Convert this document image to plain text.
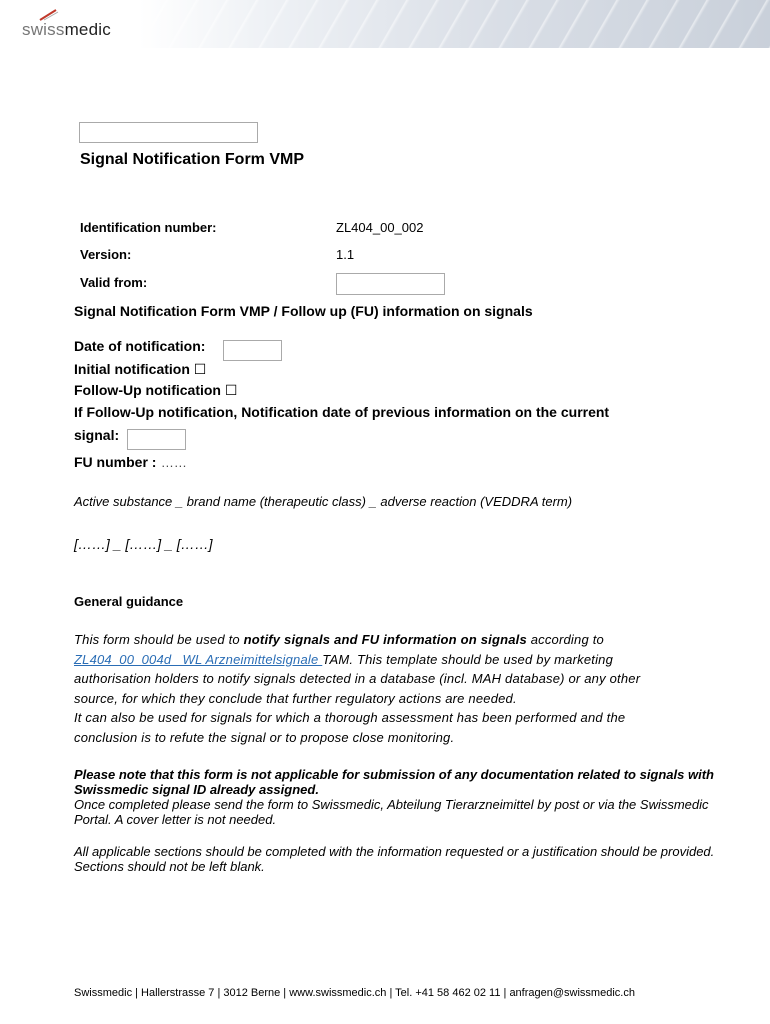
swissmedic
Signal Notification Form VMP
Identification number:	ZL404_00_002
Version:	1.1
Valid from:
Signal Notification Form VMP / Follow up (FU) information on signals
Date of notification:
Initial notification ☐
Follow-Up notification ☐
If Follow-Up notification, Notification date of previous information on the current
signal:
FU number : ……
Active substance _ brand name (therapeutic class) _ adverse reaction (VEDDRA term)
[……] _ [……] _ [……]
General guidance
This form should be used to notify signals and FU information on signals according to
ZL404_00_004d _WL Arzneimittelsignale TAM. This template should be used by marketing authorisation holders to notify signals detected in a database (incl. MAH database) or any other source, for which they conclude that further regulatory actions are needed.
It can also be used for signals for which a thorough assessment has been performed and the conclusion is to refute the signal or to propose close monitoring.
Please note that this form is not applicable for submission of any documentation related to signals with Swissmedic signal ID already assigned.
Once completed please send the form to Swissmedic, Abteilung Tierarzneimittel by post or via the Swissmedic Portal. A cover letter is not needed.
All applicable sections should be completed with the information requested or a justification should be provided. Sections should not be left blank.
Swissmedic | Hallerstrasse 7 | 3012 Berne | www.swissmedic.ch | Tel. +41 58 462 02 11 | anfragen@swissmedic.ch
